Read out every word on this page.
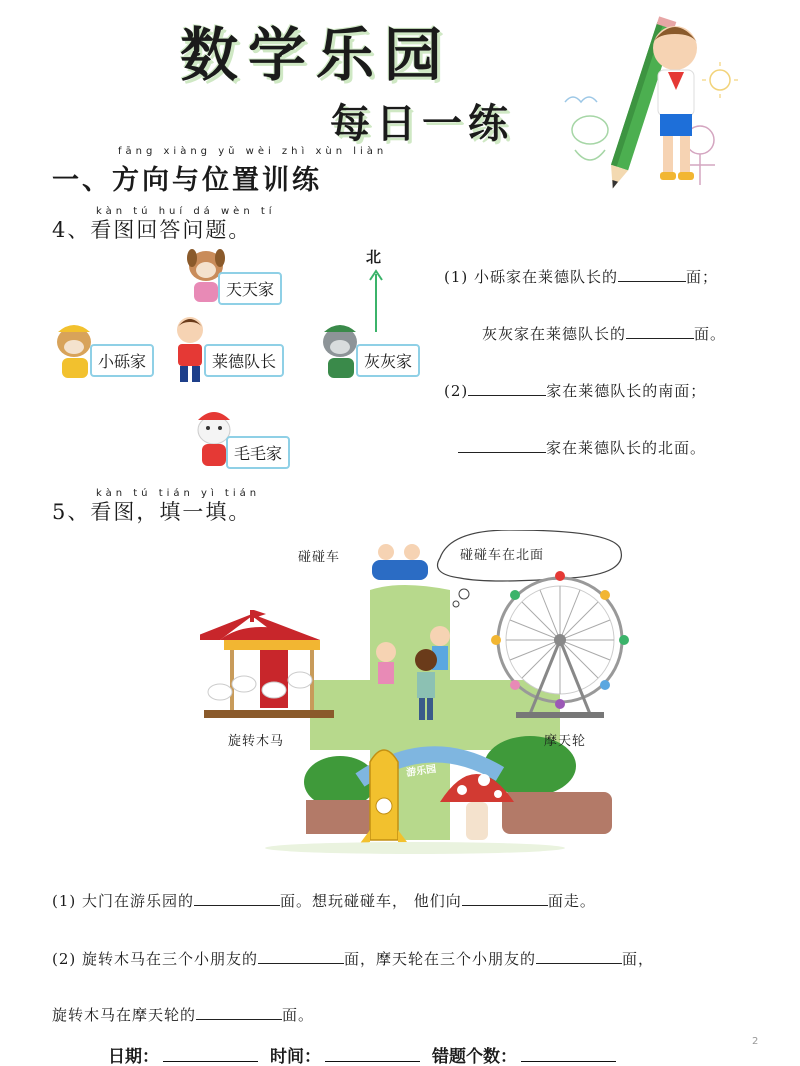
数学乐园
每日一练
fāng xiàng yǔ wèi zhì xùn liàn
一、方向与位置训练
kàn tú huí dá wèn tí
4、看图回答问题。
北
天天家
小砾家	莱德队长	灰灰家
毛毛家
(1) 小砾家在莱德队长的	面；
灰灰家在莱德队长的	面。
(2)	家在莱德队长的南面；
家在莱德队长的北面。
kàn tú tián yì tián
5、看图，填一填。
碰碰车	碰碰车在北面
旋转木马	摩天轮
游乐园
(1) 大门在游乐园的	面。想玩碰碰车， 他们向	面走。
(2) 旋转木马在三个小朋友的	面，摩天轮在三个小朋友的	面，
旋转木马在摩天轮的	面。
日期：	时间：	错题个数：
2
